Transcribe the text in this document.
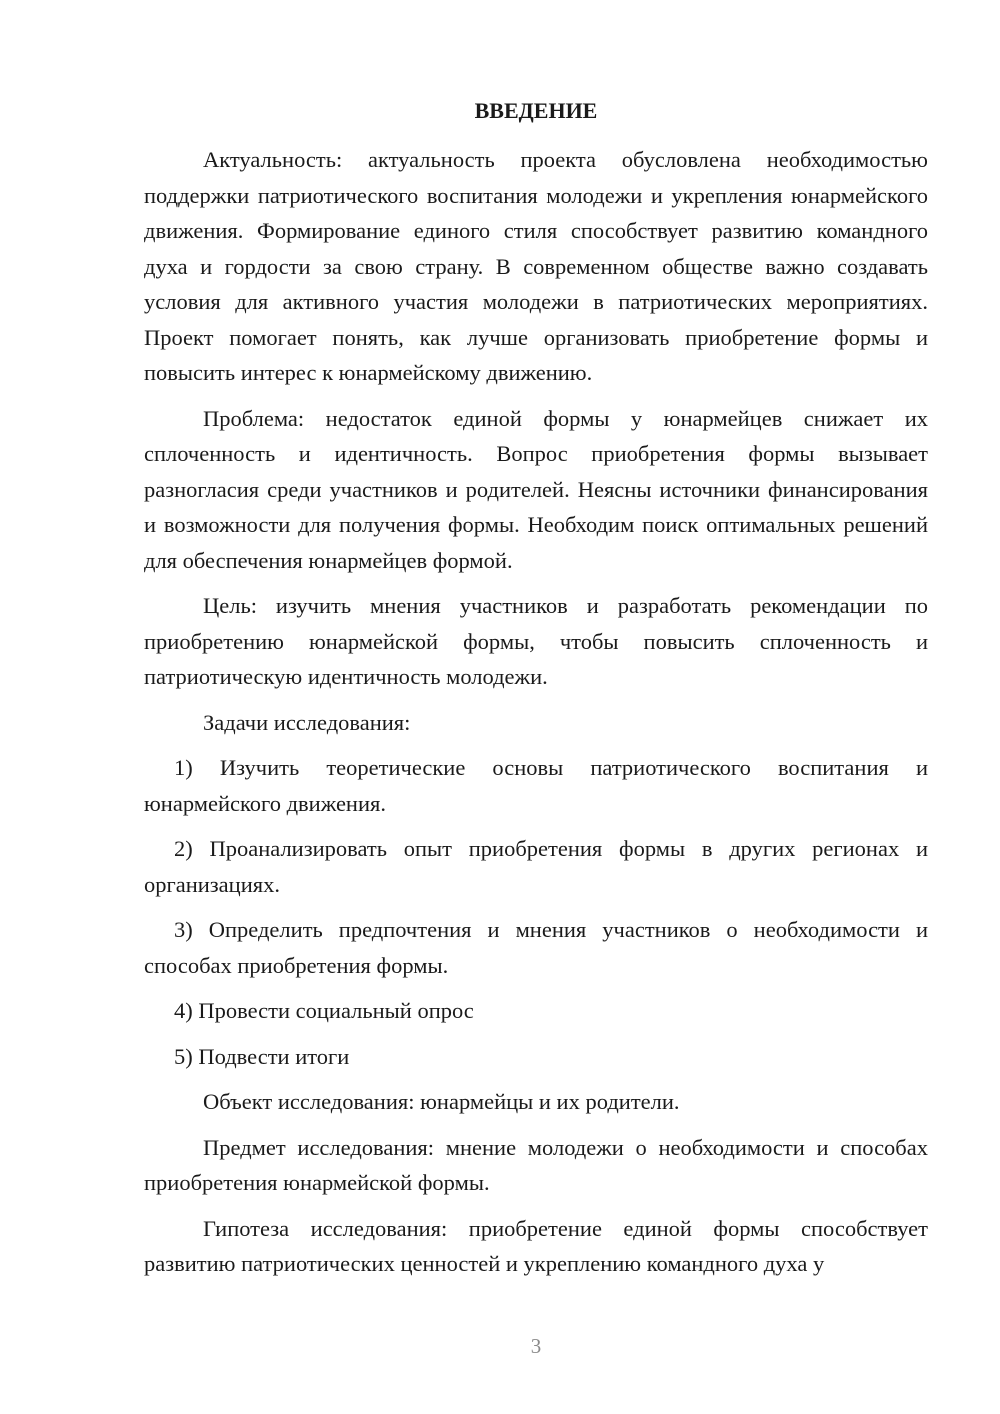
ВВЕДЕНИЕ

Актуальность: актуальность проекта обусловлена необходимостью поддержки патриотического воспитания молодежи и укрепления юнармейского движения. Формирование единого стиля способствует развитию командного духа и гордости за свою страну. В современном обществе важно создавать условия для активного участия молодежи в патриотических мероприятиях. Проект помогает понять, как лучше организовать приобретение формы и повысить интерес к юнармейскому движению.

Проблема: недостаток единой формы у юнармейцев снижает их сплоченность и идентичность. Вопрос приобретения формы вызывает разногласия среди участников и родителей. Неясны источники финансирования и возможности для получения формы. Необходим поиск оптимальных решений для обеспечения юнармейцев формой.

Цель: изучить мнения участников и разработать рекомендации по приобретению юнармейской формы, чтобы повысить сплоченность и патриотическую идентичность молодежи.

Задачи исследования:

1) Изучить теоретические основы патриотического воспитания и юнармейского движения.

2) Проанализировать опыт приобретения формы в других регионах и организациях.

3) Определить предпочтения и мнения участников о необходимости и способах приобретения формы.

4) Провести социальный опрос

5) Подвести итоги

Объект исследования: юнармейцы и их родители.

Предмет исследования: мнение молодежи о необходимости и способах приобретения юнармейской формы.

Гипотеза исследования: приобретение единой формы способствует развитию патриотических ценностей и укреплению командного духа у

3
